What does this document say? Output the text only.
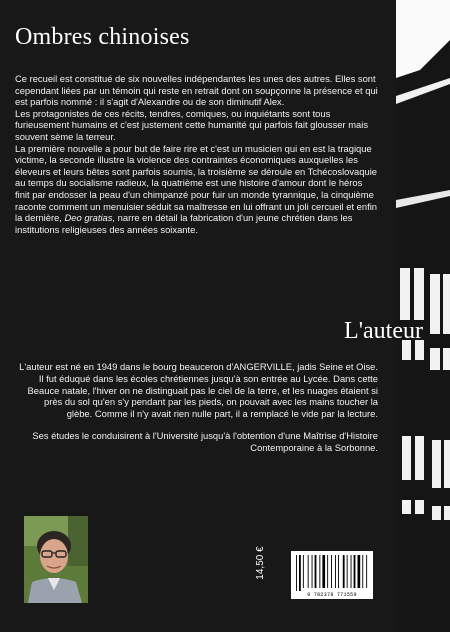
Ombres chinoises

Ce recueil est constitué de six nouvelles indépendantes les unes des autres. Elles sont cependant liées par un témoin qui reste en retrait dont on soupçonne la présence et qui est parfois nommé : il s'agit d'Alexandre ou de son diminutif Alex.

Les protagonistes de ces récits, tendres, comiques, ou inquiétants sont tous furieusement humains et c'est justement cette humanité qui parfois fait glousser mais souvent sème la terreur.

La première nouvelle a pour but de faire rire et c'est un musicien qui en est la tragique victime, la seconde illustre la violence des contraintes économiques auxquelles les éleveurs et leurs bêtes sont parfois soumis, la troisième se déroule en Tchécoslovaquie au temps du socialisme radieux, la quatrième est une histoire d'amour dont le héros finit par endosser la peau d'un chimpanzé pour fuir un monde tyrannique, la cinquième raconte comment un menuisier séduit sa maîtresse en lui offrant un joli cercueil et enfin la dernière, Deo gratias, narre en détail la fabrication d'un jeune chrétien dans les institutions religieuses des années soixante.

L'auteur

L'auteur est né en 1949 dans le bourg beauceron d'ANGERVILLE, jadis Seine et Oise. Il fut éduqué dans les écoles chrétiennes jusqu'à son entrée au Lycée. Dans cette Beauce natale, l'hiver on ne distinguait pas le ciel de la terre, et les nuages étaient si près du sol qu'en s'y pendant par les pieds, on pouvait avec les mains toucher la glèbe. Comme il n'y avait rien nulle part, il a remplacé le vide par la lecture.

Ses études le conduisirent à l'Université jusqu'à l'obtention d'une Maîtrise d'Histoire Contemporaine à la Sorbonne.

14,50 €
9 782378 771559
